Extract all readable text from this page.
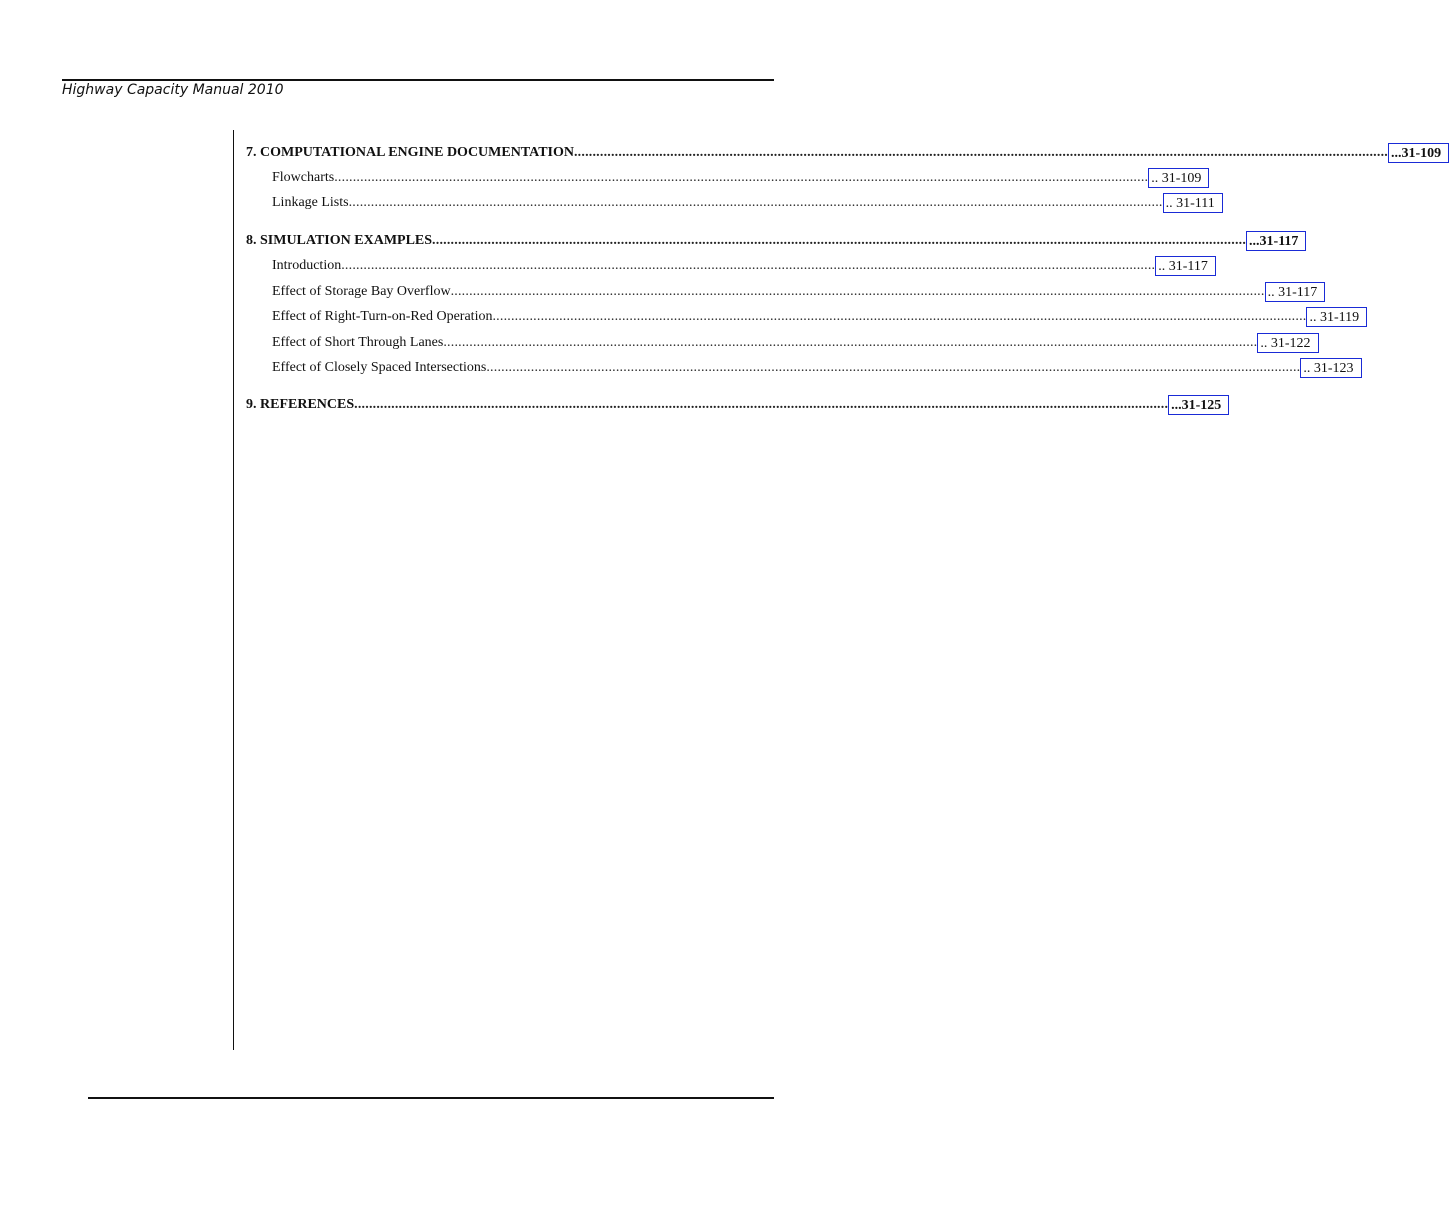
Highway Capacity Manual 2010
7. COMPUTATIONAL ENGINE DOCUMENTATION ............................................................................................................................................................................................................................ ...31-109
Flowcharts ............................................................................................................................................................................................................................ .. 31-109
Linkage Lists ............................................................................................................................................................................................................................ .. 31-111
8. SIMULATION EXAMPLES ............................................................................................................................................................................................................................ ...31-117
Introduction ............................................................................................................................................................................................................................ .. 31-117
Effect of Storage Bay Overflow ............................................................................................................................................................................................................................ .. 31-117
Effect of Right-Turn-on-Red Operation ............................................................................................................................................................................................................................ .. 31-119
Effect of Short Through Lanes ............................................................................................................................................................................................................................ .. 31-122
Effect of Closely Spaced Intersections ............................................................................................................................................................................................................................ .. 31-123
9. REFERENCES ............................................................................................................................................................................................................................ ...31-125
